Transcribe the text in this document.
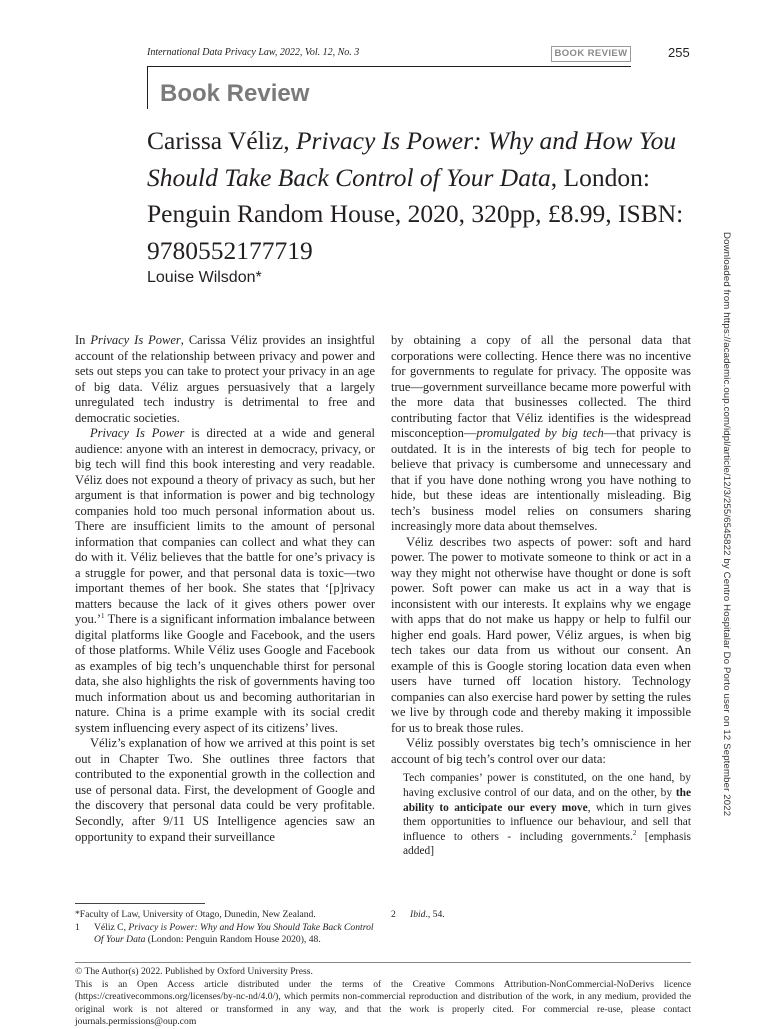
International Data Privacy Law, 2022, Vol. 12, No. 3	BOOK REVIEW	255
Book Review
Carissa Véliz, Privacy Is Power: Why and How You Should Take Back Control of Your Data, London: Penguin Random House, 2020, 320pp, £8.99, ISBN: 9780552177719
Louise Wilsdon*	Downloaded from https://academic.oup.com/idpl/article/12/3/255/6545822 by Centro Hospitalar Do Porto user on 12 September 2022

In Privacy Is Power, Carissa Véliz provides an insightful account of the relationship between privacy and power and sets out steps you can take to protect your privacy in an age of big data. Véliz argues persuasively that a largely unregulated tech industry is detrimental to free and democratic societies.

Privacy Is Power is directed at a wide and general audience: anyone with an interest in democracy, privacy, or big tech will find this book interesting and very readable. Véliz does not expound a theory of privacy as such, but her argument is that information is power and big technology companies hold too much personal information about us. There are insufficient limits to the amount of personal information that companies can collect and what they can do with it. Véliz believes that the battle for one’s privacy is a struggle for power, and that personal data is toxic—two important themes of her book. She states that ‘[p]rivacy matters because the lack of it gives others power over you.’$^1$ There is a significant information imbalance between digital platforms like Google and Facebook, and the users of those platforms. While Véliz uses Google and Facebook as examples of big tech’s unquenchable thirst for personal data, she also highlights the risk of governments having too much information about us and becoming authoritarian in nature. China is a prime example with its social credit system influencing every aspect of its citizens’ lives.

Véliz’s explanation of how we arrived at this point is set out in Chapter Two. She outlines three factors that contributed to the exponential growth in the collection and use of personal data. First, the development of Google and the discovery that personal data could be very profitable. Secondly, after 9/11 US Intelligence agencies saw an opportunity to expand their surveillance

by obtaining a copy of all the personal data that corporations were collecting. Hence there was no incentive for governments to regulate for privacy. The opposite was true—government surveillance became more powerful with the more data that businesses collected. The third contributing factor that Véliz identifies is the widespread misconception—promulgated by big tech—that privacy is outdated. It is in the interests of big tech for people to believe that privacy is cumbersome and unnecessary and that if you have done nothing wrong you have nothing to hide, but these ideas are intentionally misleading. Big tech’s business model relies on consumers sharing increasingly more data about themselves.

Véliz describes two aspects of power: soft and hard power. The power to motivate someone to think or act in a way they might not otherwise have thought or done is soft power. Soft power can make us act in a way that is inconsistent with our interests. It explains why we engage with apps that do not make us happy or help to fulfil our higher end goals. Hard power, Véliz argues, is when big tech takes our data from us without our consent. An example of this is Google storing location data even when users have turned off location history. Technology companies can also exercise hard power by setting the rules we live by through code and thereby making it impossible for us to break those rules.

Véliz possibly overstates big tech’s omniscience in her account of big tech’s control over our data:

Tech companies’ power is constituted, on the one hand, by having exclusive control of our data, and on the other, by the ability to anticipate our every move, which in turn gives them opportunities to influence our behaviour, and sell that influence to others - including governments.$^2$ [emphasis added]
*Faculty of Law, University of Otago, Dunedin, New Zealand.
1	Véliz C, Privacy is Power: Why and How You Should Take Back Control Of Your Data (London: Penguin Random House 2020), 48.
2	Ibid., 54.
© The Author(s) 2022. Published by Oxford University Press.
This is an Open Access article distributed under the terms of the Creative Commons Attribution-NonCommercial-NoDerivs licence (https://creativecommons.org/licenses/by-nc-nd/4.0/), which permits non-commercial reproduction and distribution of the work, in any medium, provided the original work is not altered or transformed in any way, and that the work is properly cited. For commercial re-use, please contact journals.permissions@oup.com
